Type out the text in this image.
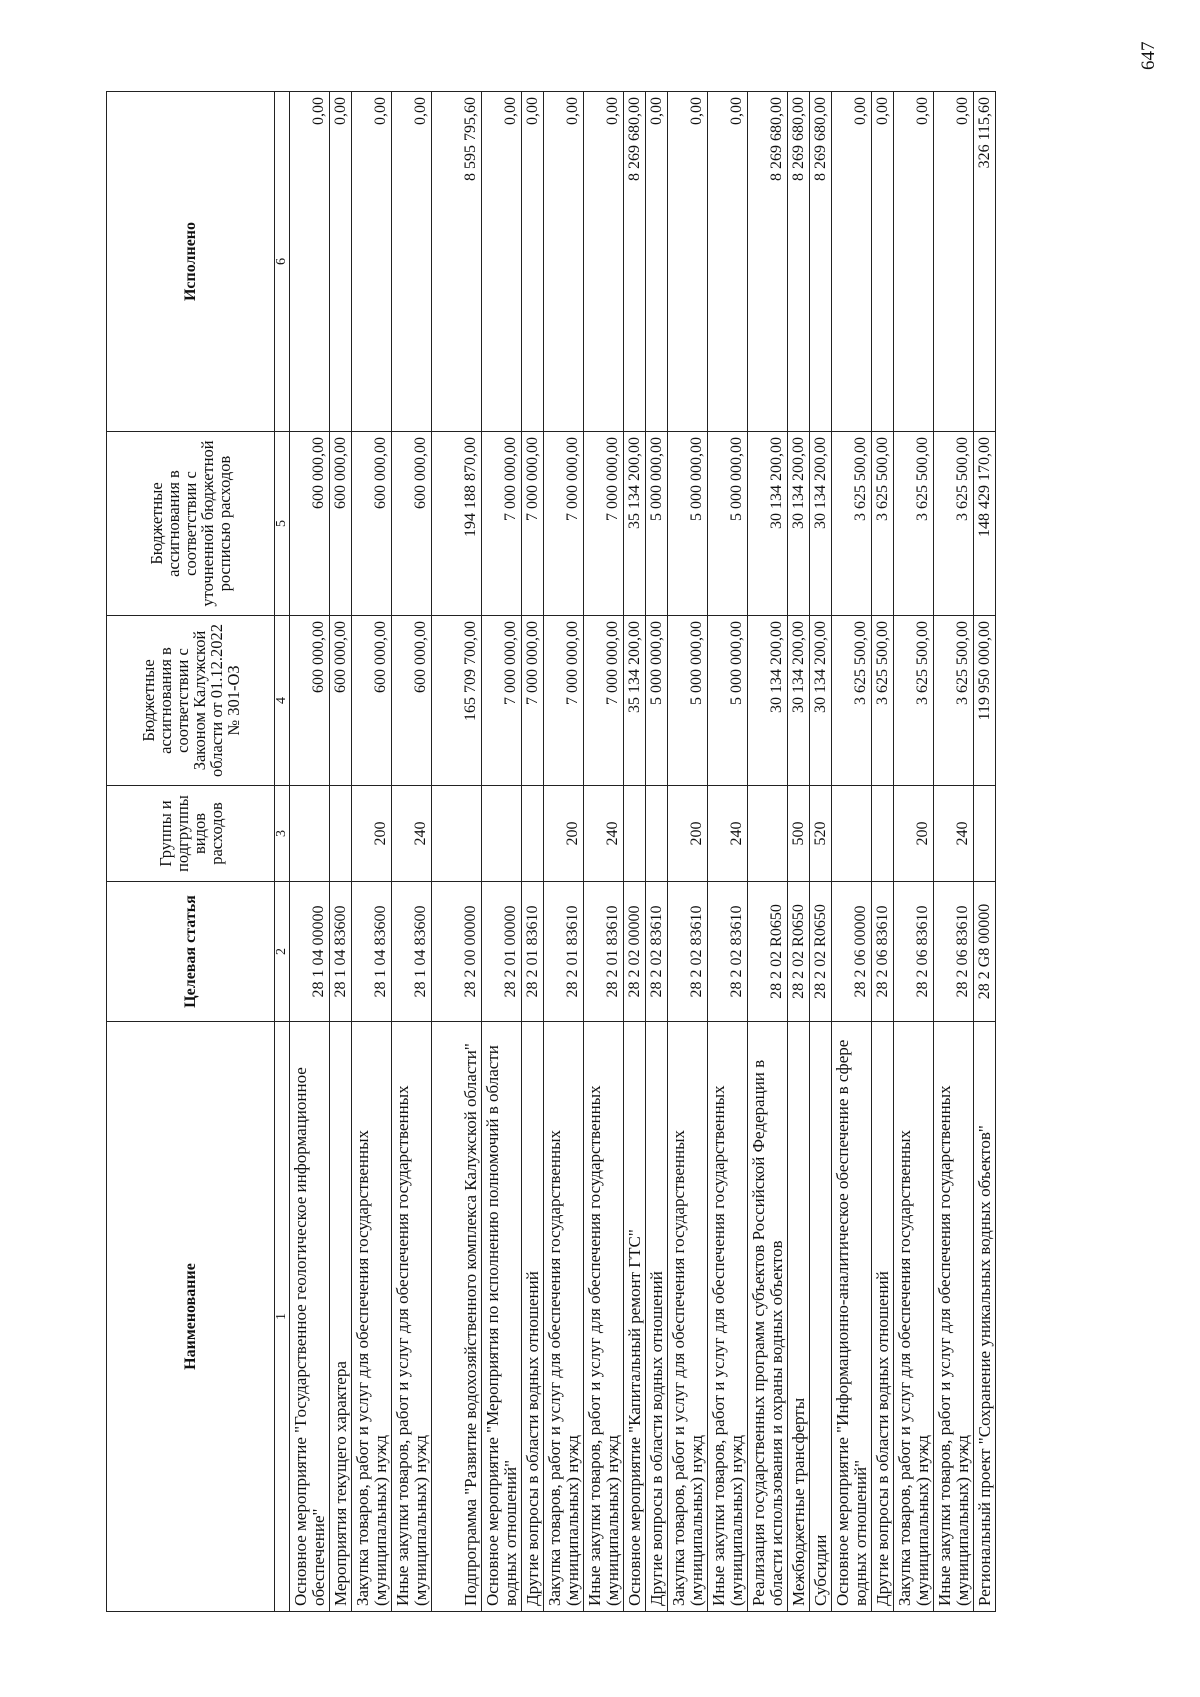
647
Наименование	Целевая статья	Группы и подгруппы видов расходов	Бюджетные ассигнования в соответствии с Законом Калужской области от 01.12.2022 № 301-ОЗ	Бюджетные ассигнования в соответствии с уточненной бюджетной росписью расходов	Исполнено
1	2	3	4	5	6
Основное мероприятие "Государственное геологическое информационное обеспечение"	28 1 04 00000		600 000,00	600 000,00	0,00
Мероприятия текущего характера	28 1 04 83600		600 000,00	600 000,00	0,00
Закупка товаров, работ и услуг для обеспечения государственных (муниципальных) нужд	28 1 04 83600	200	600 000,00	600 000,00	0,00
Иные закупки товаров, работ и услуг для обеспечения государственных (муниципальных) нужд	28 1 04 83600	240	600 000,00	600 000,00	0,00
Подпрограмма "Развитие водохозяйственного комплекса Калужской области"	28 2 00 00000		165 709 700,00	194 188 870,00	8 595 795,60
Основное мероприятие "Мероприятия по исполнению полномочий в области водных отношений"	28 2 01 00000		7 000 000,00	7 000 000,00	0,00
Другие вопросы в области водных отношений	28 2 01 83610		7 000 000,00	7 000 000,00	0,00
Закупка товаров, работ и услуг для обеспечения государственных (муниципальных) нужд	28 2 01 83610	200	7 000 000,00	7 000 000,00	0,00
Иные закупки товаров, работ и услуг для обеспечения государственных (муниципальных) нужд	28 2 01 83610	240	7 000 000,00	7 000 000,00	0,00
Основное мероприятие "Капитальный ремонт ГТС"	28 2 02 00000		35 134 200,00	35 134 200,00	8 269 680,00
Другие вопросы в области водных отношений	28 2 02 83610		5 000 000,00	5 000 000,00	0,00
Закупка товаров, работ и услуг для обеспечения государственных (муниципальных) нужд	28 2 02 83610	200	5 000 000,00	5 000 000,00	0,00
Иные закупки товаров, работ и услуг для обеспечения государственных (муниципальных) нужд	28 2 02 83610	240	5 000 000,00	5 000 000,00	0,00
Реализация государственных программ субъектов Российской Федерации в области использования и охраны водных объектов	28 2 02 R0650		30 134 200,00	30 134 200,00	8 269 680,00
Межбюджетные трансферты	28 2 02 R0650	500	30 134 200,00	30 134 200,00	8 269 680,00
Субсидии	28 2 02 R0650	520	30 134 200,00	30 134 200,00	8 269 680,00
Основное мероприятие "Информационно-аналитическое обеспечение в сфере водных отношений"	28 2 06 00000		3 625 500,00	3 625 500,00	0,00
Другие вопросы в области водных отношений	28 2 06 83610		3 625 500,00	3 625 500,00	0,00
Закупка товаров, работ и услуг для обеспечения государственных (муниципальных) нужд	28 2 06 83610	200	3 625 500,00	3 625 500,00	0,00
Иные закупки товаров, работ и услуг для обеспечения государственных (муниципальных) нужд	28 2 06 83610	240	3 625 500,00	3 625 500,00	0,00
Региональный проект "Сохранение уникальных водных объектов"	28 2 G8 00000		119 950 000,00	148 429 170,00	326 115,60
